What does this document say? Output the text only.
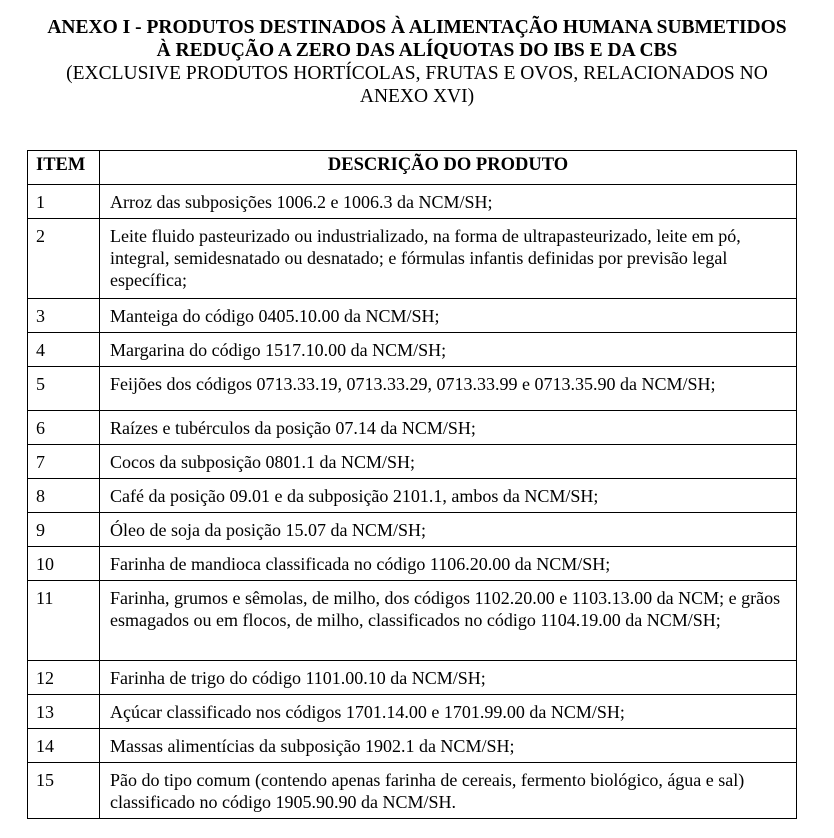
ANEXO I - PRODUTOS DESTINADOS À ALIMENTAÇÃO HUMANA SUBMETIDOS

À REDUÇÃO A ZERO DAS ALÍQUOTAS DO IBS E DA CBS

(EXCLUSIVE PRODUTOS HORTÍCOLAS, FRUTAS E OVOS, RELACIONADOS NO

ANEXO XVI)

ITEM	DESCRIÇÃO DO PRODUTO
1	Arroz das subposições 1006.2 e 1006.3 da NCM/SH;
2	Leite fluido pasteurizado ou industrializado, na forma de ultrapasteurizado, leite em pó, integral, semidesnatado ou desnatado; e fórmulas infantis definidas por previsão legal específica;
3	Manteiga do código 0405.10.00 da NCM/SH;
4	Margarina do código 1517.10.00 da NCM/SH;
5	Feijões dos códigos 0713.33.19, 0713.33.29, 0713.33.99 e 0713.35.90 da NCM/SH;
6	Raízes e tubérculos da posição 07.14 da NCM/SH;
7	Cocos da subposição 0801.1 da NCM/SH;
8	Café da posição 09.01 e da subposição 2101.1, ambos da NCM/SH;
9	Óleo de soja da posição 15.07 da NCM/SH;
10	Farinha de mandioca classificada no código 1106.20.00 da NCM/SH;
11	Farinha, grumos e sêmolas, de milho, dos códigos 1102.20.00 e 1103.13.00 da NCM; e grãos esmagados ou em flocos, de milho, classificados no código 1104.19.00 da NCM/SH;
12	Farinha de trigo do código 1101.00.10 da NCM/SH;
13	Açúcar classificado nos códigos 1701.14.00 e 1701.99.00 da NCM/SH;
14	Massas alimentícias da subposição 1902.1 da NCM/SH;
15	Pão do tipo comum (contendo apenas farinha de cereais, fermento biológico, água e sal) classificado no código 1905.90.90 da NCM/SH.
